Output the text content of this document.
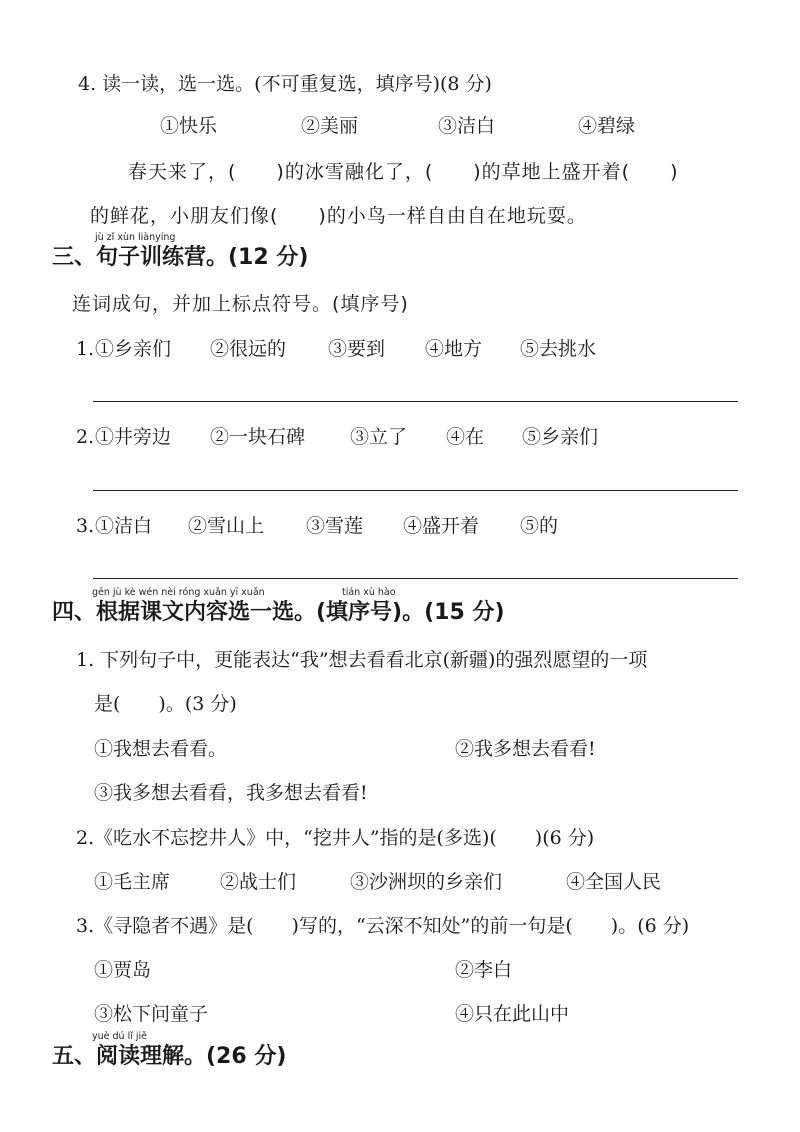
4. 读一读，选一选。(不可重复选，填序号)(8 分)
①快乐	②美丽	③洁白	④碧绿
春天来了，(　　)的冰雪融化了，(　　)的草地上盛开着(　　)
的鲜花，小朋友们像(　　)的小鸟一样自由自在地玩耍。
jù zǐ xùn liànyíng
三、句子训练营。(12 分)
连词成句，并加上标点符号。(填序号)
1. ①乡亲们 ②很远的 ③要到 ④地方 ⑤去挑水
2. ①井旁边 ②一块石碑 ③立了 ④在 ⑤乡亲们
3. ①洁白 ②雪山上 ③雪莲 ④盛开着 ⑤的
gēn jù kè wén nèi róng xuǎn yī xuǎn	tián xù hào
四、根据课文内容选一选。(填序号)。(15 分)
1. 下列句子中，更能表达“我”想去看看北京(新疆)的强烈愿望的一项
是(　　)。(3 分)
①我想去看看。	②我多想去看看!
③我多想去看看，我多想去看看!
2.《吃水不忘挖井人》中，“挖井人”指的是(多选)(　　)(6 分)
①毛主席	②战士们	③沙洲坝的乡亲们	④全国人民
3.《寻隐者不遇》是(　　)写的，“云深不知处”的前一句是(　　)。(6 分)
①贾岛	②李白
③松下问童子	④只在此山中
yuè dú lǐ jiě
五、阅读理解。(26 分)
